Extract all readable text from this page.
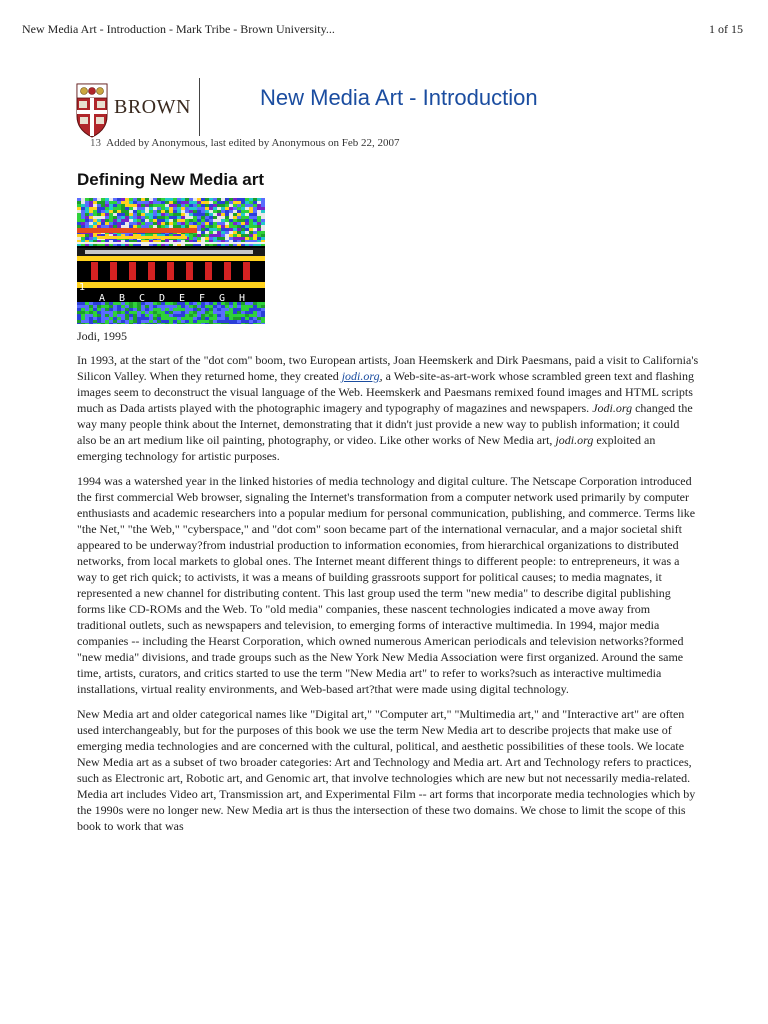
New Media Art - Introduction - Mark Tribe - Brown University...	1 of 15
BROWN	New Media Art - Introduction
13 Added by Anonymous, last edited by Anonymous on Feb 22, 2007
Defining New Media art
1
A B C D E F G H
Jodi, 1995

In 1993, at the start of the "dot com" boom, two European artists, Joan Heemskerk and Dirk Paesmans, paid a visit to California's Silicon Valley. When they returned home, they created jodi.org, a Web-site-as-art-work whose scrambled green text and flashing images seem to deconstruct the visual language of the Web. Heemskerk and Paesmans remixed found images and HTML scripts much as Dada artists played with the photographic imagery and typography of magazines and newspapers. Jodi.org changed the way many people think about the Internet, demonstrating that it didn't just provide a new way to publish information; it could also be an art medium like oil painting, photography, or video. Like other works of New Media art, jodi.org exploited an emerging technology for artistic purposes.

1994 was a watershed year in the linked histories of media technology and digital culture. The Netscape Corporation introduced the first commercial Web browser, signaling the Internet's transformation from a computer network used primarily by computer enthusiasts and academic researchers into a popular medium for personal communication, publishing, and commerce. Terms like "the Net," "the Web," "cyberspace," and "dot com" soon became part of the international vernacular, and a major societal shift appeared to be underway?from industrial production to information economies, from hierarchical organizations to distributed networks, from local markets to global ones. The Internet meant different things to different people: to entrepreneurs, it was a way to get rich quick; to activists, it was a means of building grassroots support for political causes; to media magnates, it represented a new channel for distributing content. This last group used the term "new media" to describe digital publishing forms like CD-ROMs and the Web. To "old media" companies, these nascent technologies indicated a move away from traditional outlets, such as newspapers and television, to emerging forms of interactive multimedia. In 1994, major media companies -- including the Hearst Corporation, which owned numerous American periodicals and television networks?formed "new media" divisions, and trade groups such as the New York New Media Association were first organized. Around the same time, artists, curators, and critics started to use the term "New Media art" to refer to works?such as interactive multimedia installations, virtual reality environments, and Web-based art?that were made using digital technology.

New Media art and older categorical names like "Digital art," "Computer art," "Multimedia art," and "Interactive art" are often used interchangeably, but for the purposes of this book we use the term New Media art to describe projects that make use of emerging media technologies and are concerned with the cultural, political, and aesthetic possibilities of these tools. We locate New Media art as a subset of two broader categories: Art and Technology and Media art. Art and Technology refers to practices, such as Electronic art, Robotic art, and Genomic art, that involve technologies which are new but not necessarily media-related. Media art includes Video art, Transmission art, and Experimental Film -- art forms that incorporate media technologies which by the 1990s were no longer new. New Media art is thus the intersection of these two domains. We chose to limit the scope of this book to work that was
